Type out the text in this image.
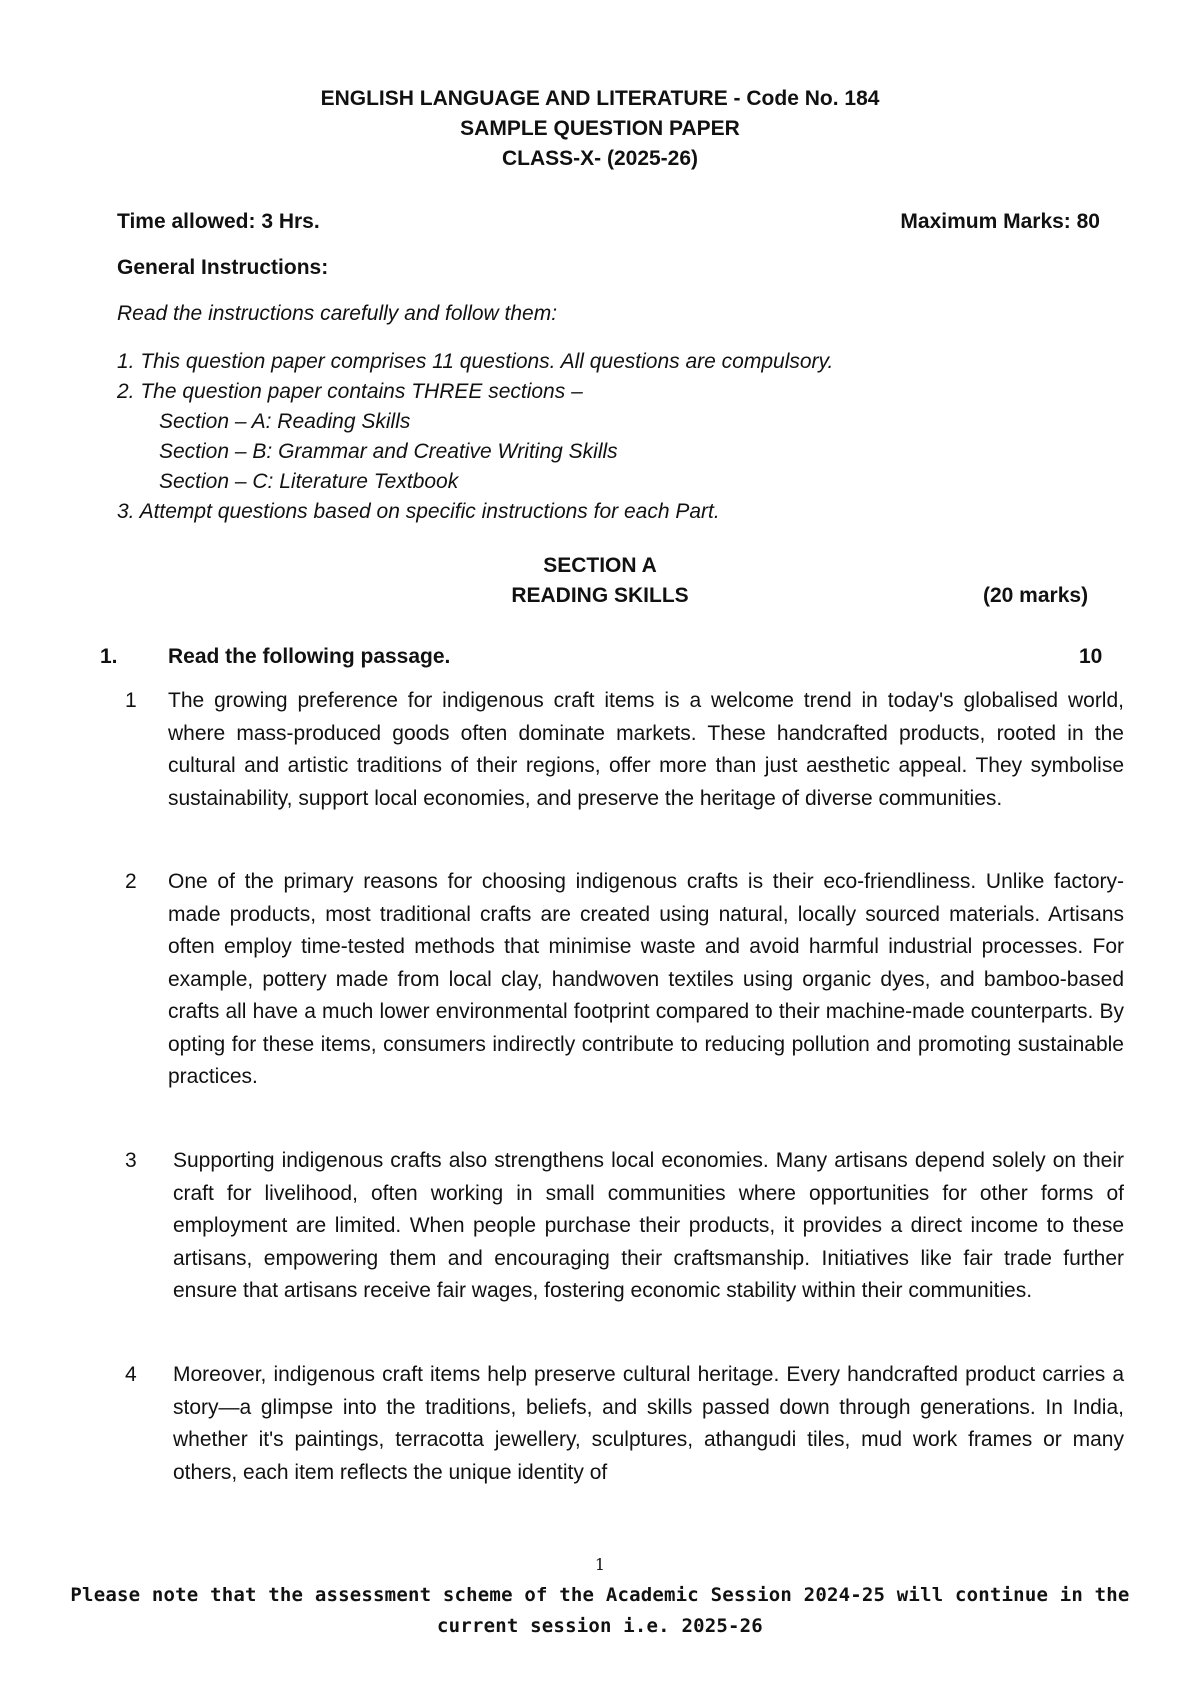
ENGLISH LANGUAGE AND LITERATURE - Code No. 184
SAMPLE QUESTION PAPER
CLASS-X- (2025-26)
Time allowed: 3 Hrs.	Maximum Marks: 80
General Instructions:
Read the instructions carefully and follow them:
1. This question paper comprises 11 questions. All questions are compulsory.
2. The question paper contains THREE sections –
Section – A: Reading Skills
Section – B: Grammar and Creative Writing Skills
Section – C: Literature Textbook
3. Attempt questions based on specific instructions for each Part.
SECTION A
READING SKILLS	(20 marks)
1. Read the following passage.	10
1 The growing preference for indigenous craft items is a welcome trend in today's globalised world, where mass-produced goods often dominate markets. These handcrafted products, rooted in the cultural and artistic traditions of their regions, offer more than just aesthetic appeal. They symbolise sustainability, support local economies, and preserve the heritage of diverse communities.
2 One of the primary reasons for choosing indigenous crafts is their eco-friendliness. Unlike factory-made products, most traditional crafts are created using natural, locally sourced materials. Artisans often employ time-tested methods that minimise waste and avoid harmful industrial processes. For example, pottery made from local clay, handwoven textiles using organic dyes, and bamboo-based crafts all have a much lower environmental footprint compared to their machine-made counterparts. By opting for these items, consumers indirectly contribute to reducing pollution and promoting sustainable practices.
3 Supporting indigenous crafts also strengthens local economies. Many artisans depend solely on their craft for livelihood, often working in small communities where opportunities for other forms of employment are limited. When people purchase their products, it provides a direct income to these artisans, empowering them and encouraging their craftsmanship. Initiatives like fair trade further ensure that artisans receive fair wages, fostering economic stability within their communities.
4 Moreover, indigenous craft items help preserve cultural heritage. Every handcrafted product carries a story—a glimpse into the traditions, beliefs, and skills passed down through generations. In India, whether it's paintings, terracotta jewellery, sculptures, athangudi tiles, mud work frames or many others, each item reflects the unique identity of
1
Please note that the assessment scheme of the Academic Session 2024-25 will continue in the
current session i.e. 2025-26
